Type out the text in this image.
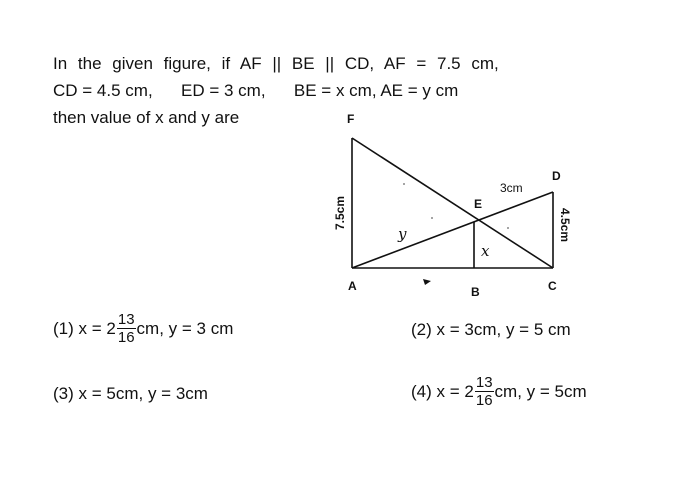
In the given figure, if AF || BE || CD, AF = 7.5 cm,
CD = 4.5 cm,      ED = 3 cm,      BE = x cm, AE = y cm
then value of x and y are	F
A	B	C
D
E
7.5cm	4.5cm
3cm
y
x
(1)
$x = 2 \frac{13}{16}$ cm, y = 3 cm	(2)
x = 3cm, y = 5 cm
(3)
x = 5cm, y = 3cm	(4)
$x = 2 \frac{13}{16}$ cm, y = 5cm
